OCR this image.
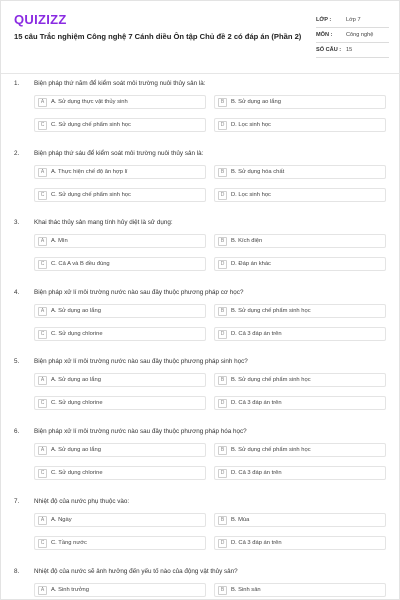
QUIZIZZ
15 câu Trắc nghiệm Công nghệ 7 Cánh diều Ôn tập Chủ đề 2 có đáp án (Phần 2)
LỚP :	Lớp 7
MÔN :	Công nghệ
SỐ CÂU : 15
1.	Biện pháp thứ năm để kiểm soát môi trường nuôi thủy sản là:
A	A. Sử dụng thực vật thủy sinh	B	B. Sử dụng ao lắng
C	C. Sử dụng chế phẩm sinh học	D	D. Lọc sinh học
2.	Biện pháp thứ sáu để kiểm soát môi trường nuôi thủy sản là:
A	A. Thực hiện chế độ ăn hợp lí	B	B. Sử dụng hóa chất
C	C. Sử dụng chế phẩm sinh học	D	D. Lọc sinh học
3.	Khai thác thủy sản mang tính hủy diệt là sử dụng:
A	A. Mìn	B	B. Kích điện
C	C. Cả A và B đều đúng	D	D. Đáp án khác
4.	Biện pháp xử lí môi trường nước nào sau đây thuộc phương pháp cơ học?
A	A. Sử dụng ao lắng	B	B. Sử dụng chế phẩm sinh học
C	C. Sử dụng chlorine	D	D. Cả 3 đáp án trên
5.	Biện pháp xử lí môi trường nước nào sau đây thuộc phương pháp sinh học?
A	A. Sử dụng ao lắng	B	B. Sử dụng chế phẩm sinh học
C	C. Sử dụng chlorine	D	D. Cả 3 đáp án trên
6.	Biện pháp xử lí môi trường nước nào sau đây thuộc phương pháp hóa học?
A	A. Sử dụng ao lắng	B	B. Sử dụng chế phẩm sinh học
C	C. Sử dụng chlorine	D	D. Cả 3 đáp án trên
7.	Nhiệt độ của nước phụ thuộc vào:
A	A. Ngày	B	B. Mùa
C	C. Tầng nước	D	D. Cả 3 đáp án trên
8.	Nhiệt độ của nước sẽ ảnh hưởng đến yếu tố nào của động vật thủy sản?
A	A. Sinh trưởng	B	B. Sinh sản
